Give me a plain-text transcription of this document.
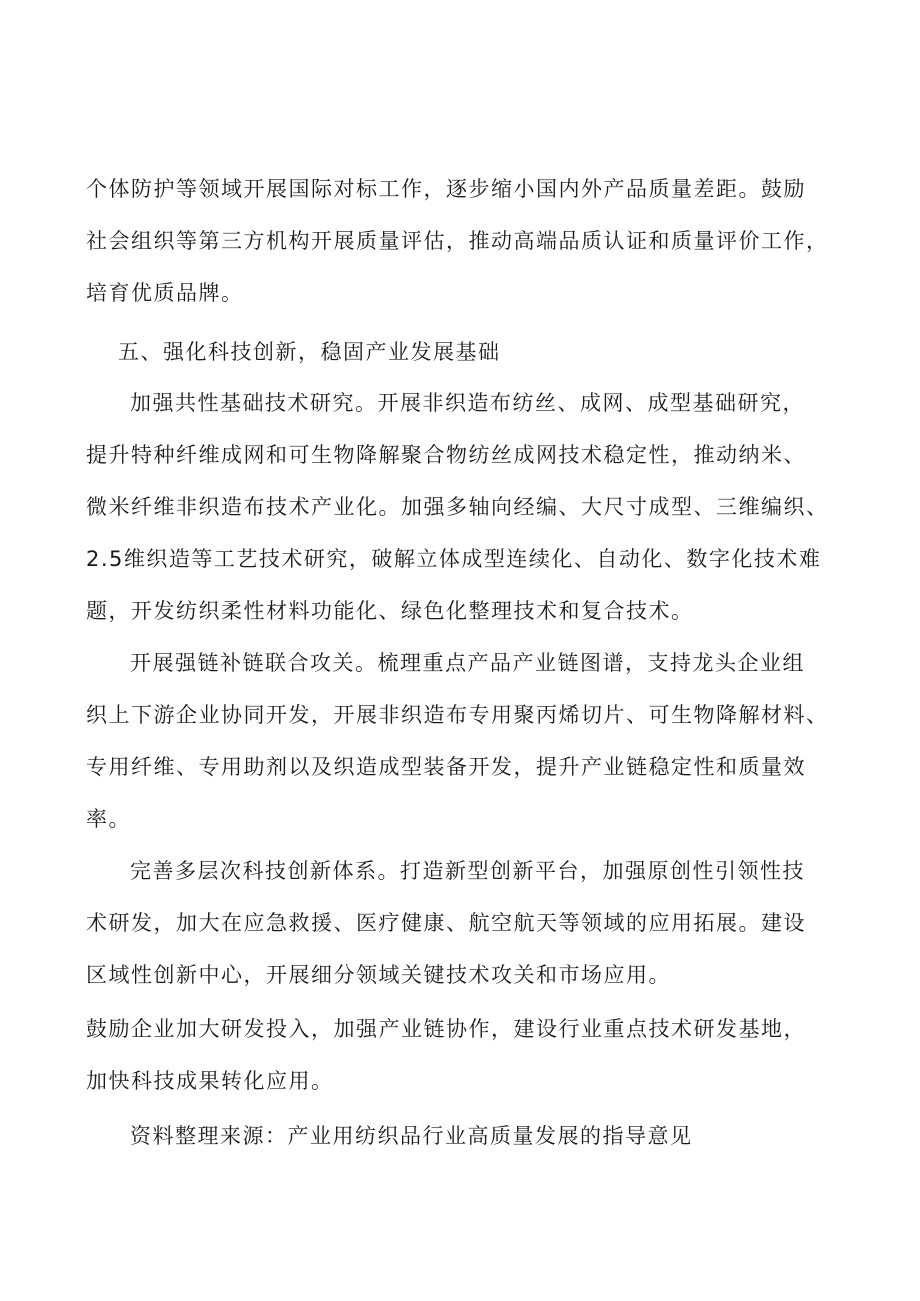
个体防护等领域开展国际对标工作，逐步缩小国内外产品质量差距。鼓励
社会组织等第三方机构开展质量评估，推动高端品质认证和质量评价工作，
培育优质品牌。
五、强化科技创新，稳固产业发展基础
加强共性基础技术研究。开展非织造布纺丝、成网、成型基础研究，
提升特种纤维成网和可生物降解聚合物纺丝成网技术稳定性，推动纳米、
微米纤维非织造布技术产业化。加强多轴向经编、大尺寸成型、三维编织、
2.5维织造等工艺技术研究，破解立体成型连续化、自动化、数字化技术难
题，开发纺织柔性材料功能化、绿色化整理技术和复合技术。
开展强链补链联合攻关。梳理重点产品产业链图谱，支持龙头企业组
织上下游企业协同开发，开展非织造布专用聚丙烯切片、可生物降解材料、
专用纤维、专用助剂以及织造成型装备开发，提升产业链稳定性和质量效
率。
完善多层次科技创新体系。打造新型创新平台，加强原创性引领性技
术研发，加大在应急救援、医疗健康、航空航天等领域的应用拓展。建设
区域性创新中心，开展细分领域关键技术攻关和市场应用。
鼓励企业加大研发投入，加强产业链协作，建设行业重点技术研发基地，
加快科技成果转化应用。
资料整理来源：产业用纺织品行业高质量发展的指导意见
